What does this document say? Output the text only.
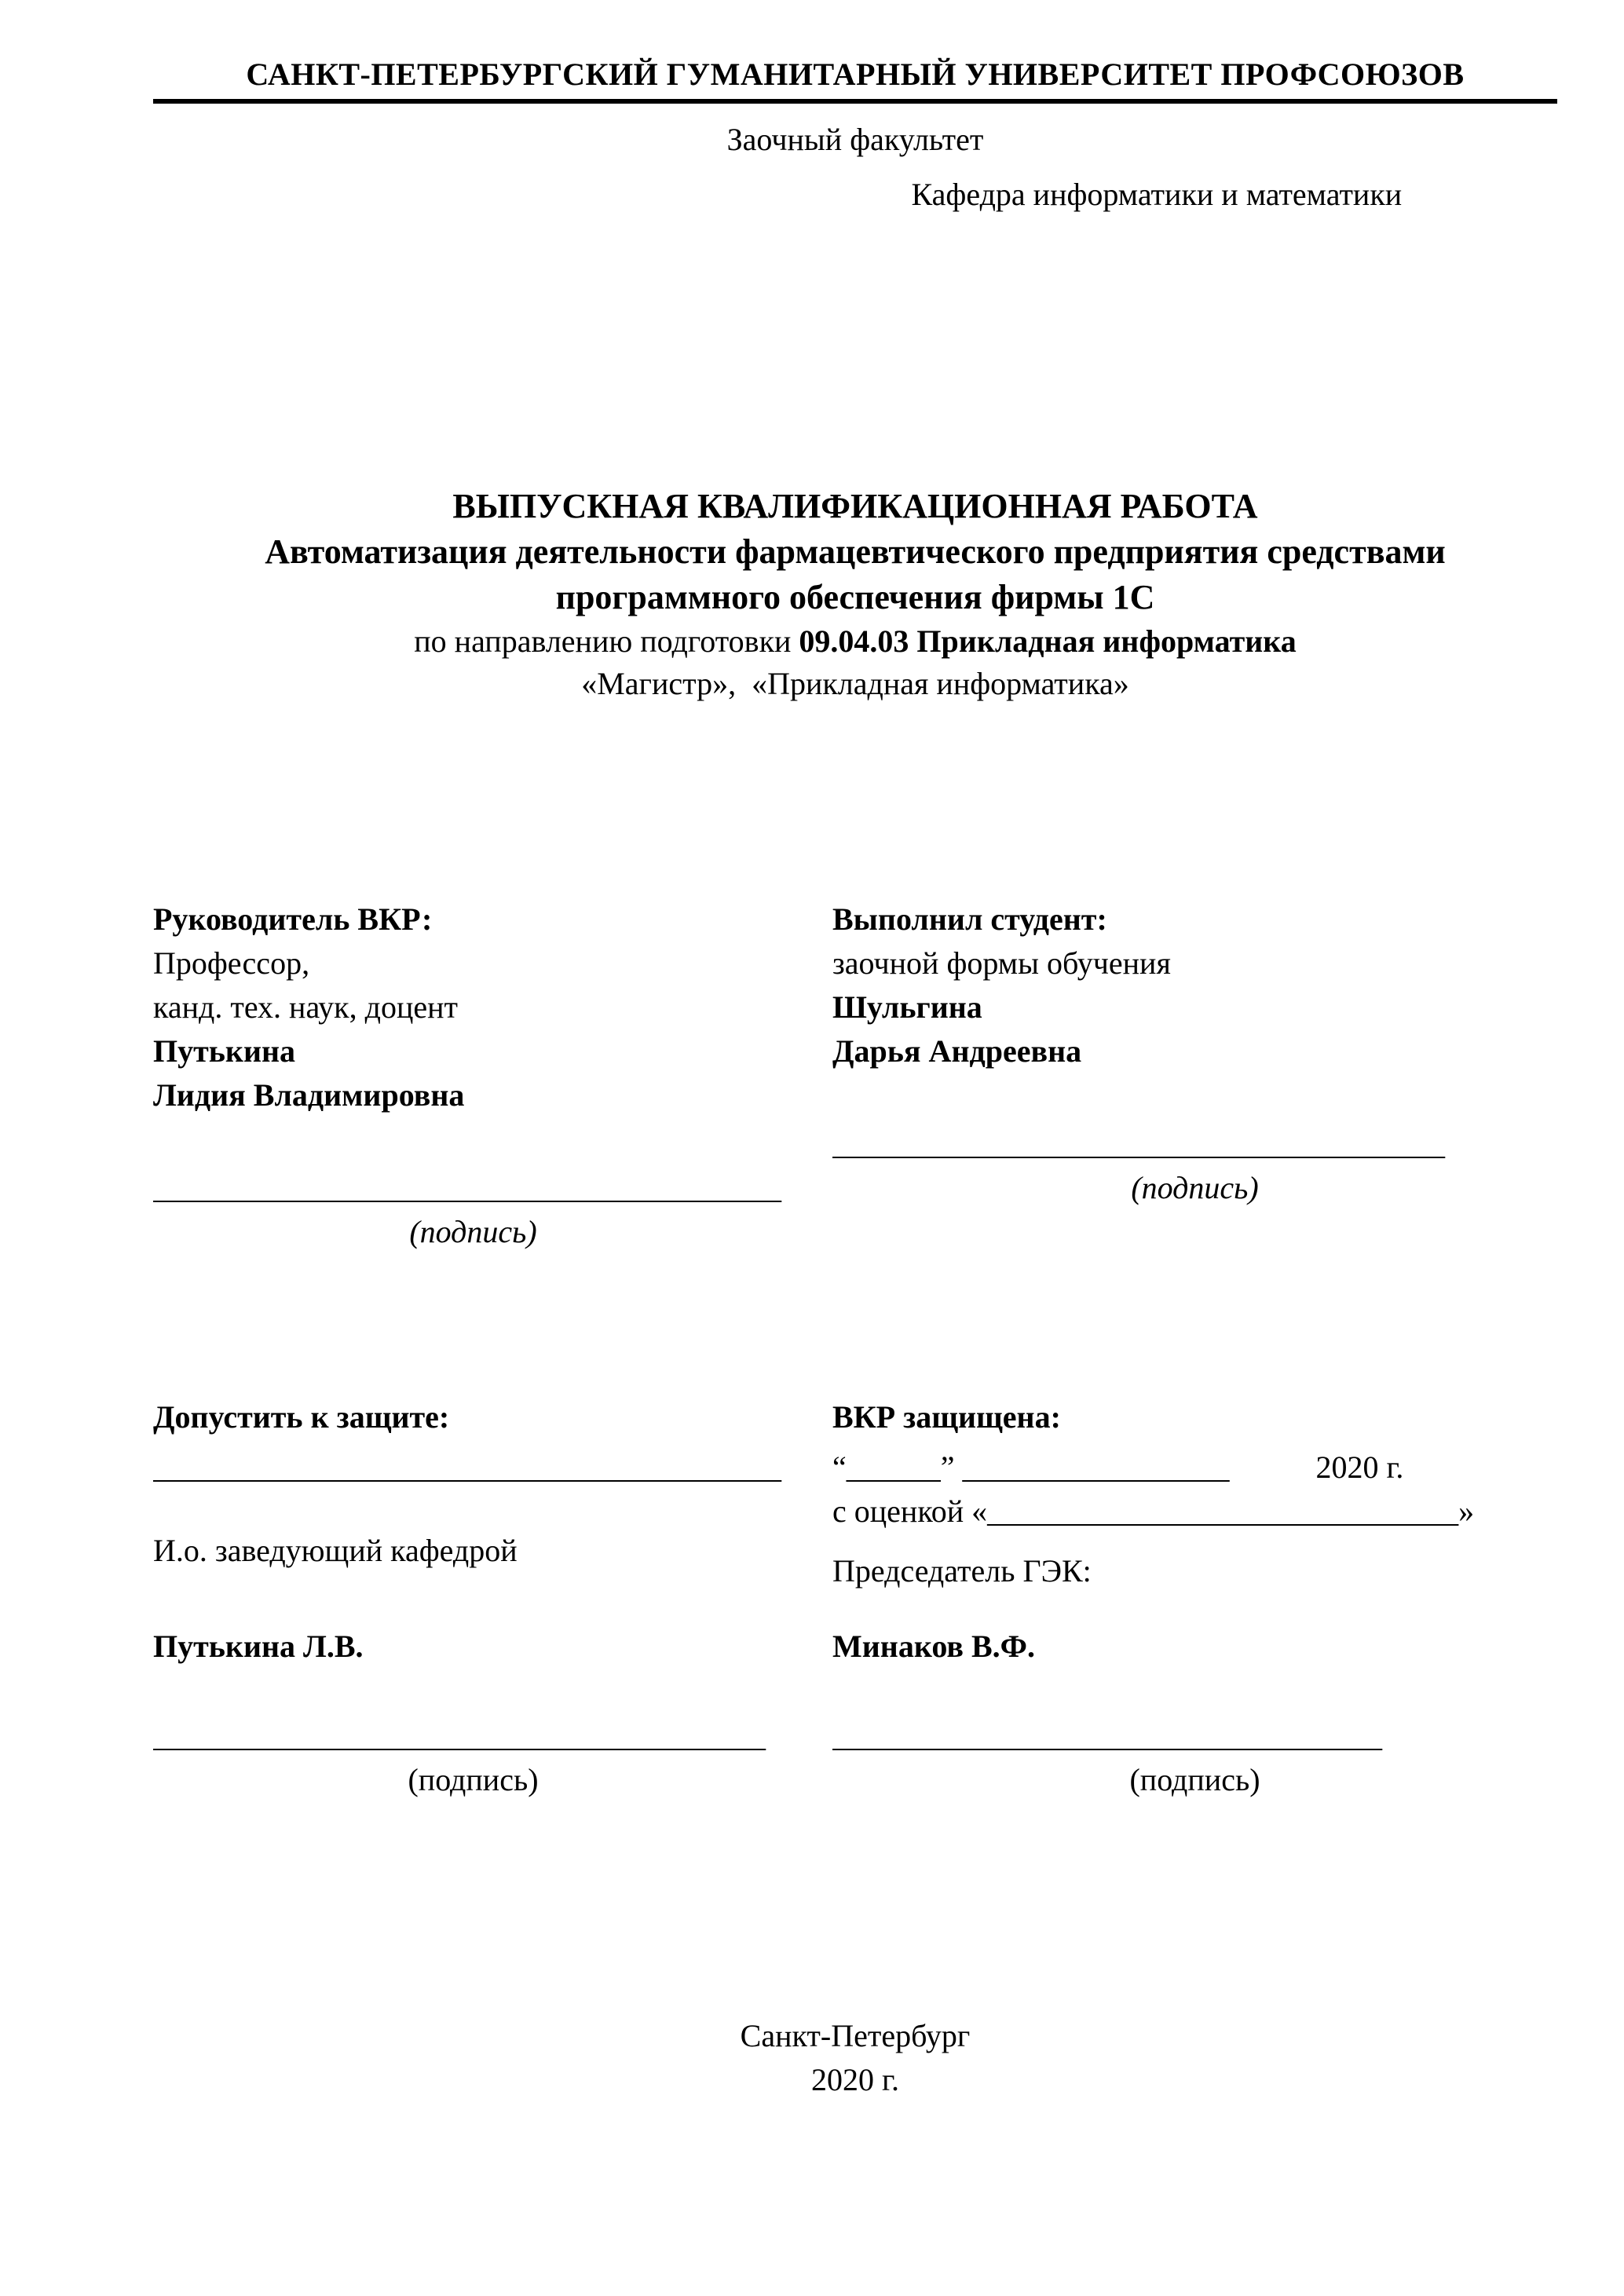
САНКТ-ПЕТЕРБУРГСКИЙ ГУМАНИТАРНЫЙ УНИВЕРСИТЕТ ПРОФСОЮЗОВ
Заочный факультет
Кафедра информатики и математики
ВЫПУСКНАЯ КВАЛИФИКАЦИОННАЯ РАБОТА
Автоматизация деятельности фармацевтического предприятия средствами
программного обеспечения фирмы 1С
по направлению подготовки 09.04.03 Прикладная информатика
«Магистр»,  «Прикладная информатика»
Руководитель ВКР:
Профессор,
канд. тех. наук, доцент
Путькина
Лидия Владимировна
________________________________________
(подпись)
Выполнил студент:
заочной формы обучения
Шульгина
Дарья Андреевна
_______________________________________
(подпись)
Допустить к защите:
________________________________________
И.о. заведующий кафедрой
Путькина Л.В.
_______________________________________
(подпись)
ВКР защищена:
“ ______ ” _________________	2020 г.
с оценкой «______________________________»
Председатель ГЭК:
Минаков В.Ф.
___________________________________
(подпись)
Санкт-Петербург
2020 г.
